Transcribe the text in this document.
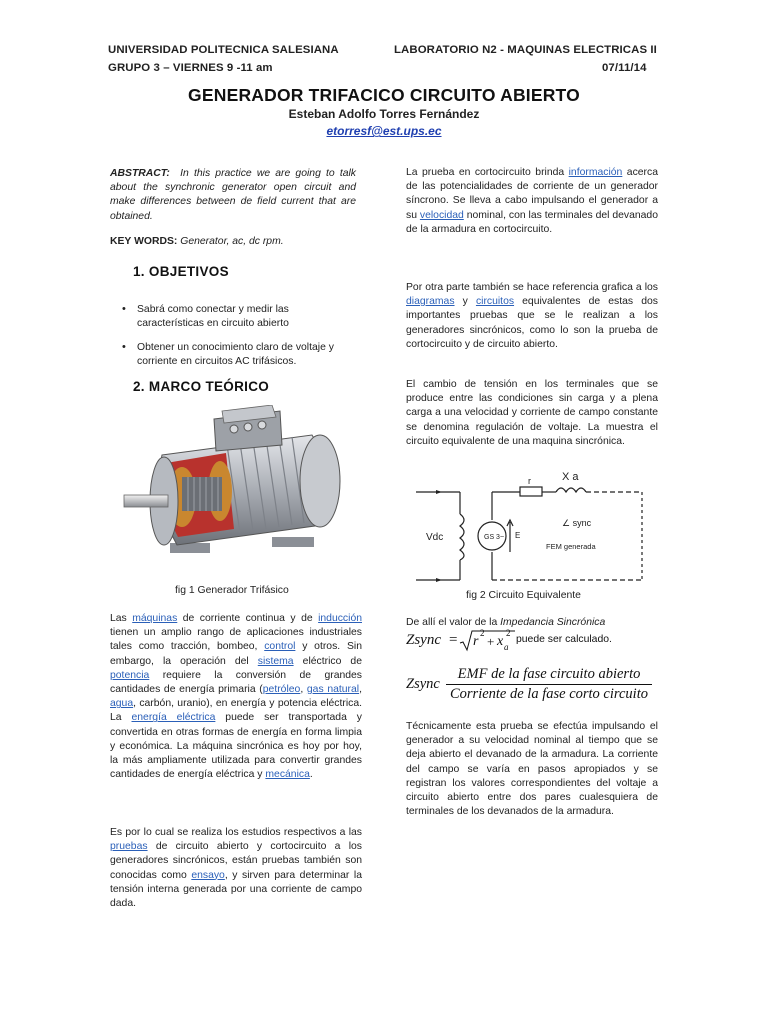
UNIVERSIDAD POLITECNICA SALESIANA	LABORATORIO N2 - MAQUINAS ELECTRICAS II
GRUPO 3 – VIERNES 9 -11 am	07/11/14
GENERADOR TRIFACICO CIRCUITO ABIERTO
Esteban Adolfo Torres Fernández
etorresf@est.ups.ec
ABSTRACT: In this practice we are going to talk about the synchronic generator open circuit and make differences between de field current that are obtained.
KEY WORDS: Generator, ac, dc rpm.
1. OBJETIVOS
• Sabrá como conectar y medir las características en circuito abierto
• Obtener un conocimiento claro de voltaje y corriente en circuitos AC trifásicos.
2. MARCO TEÓRICO
fig 1 Generador Trifásico
Las máquinas de corriente continua y de inducción tienen un amplio rango de aplicaciones industriales tales como tracción, bombeo, control y otros. Sin embargo, la operación del sistema eléctrico de potencia requiere la conversión de grandes cantidades de energía primaria (petróleo, gas natural, agua, carbón, uranio), en energía y potencia eléctrica. La energía eléctrica puede ser transportada y convertida en otras formas de energía en forma limpia y económica. La máquina sincrónica es hoy por hoy, la más ampliamente utilizada para convertir grandes cantidades de energía eléctrica y mecánica.
Es por lo cual se realiza los estudios respectivos a las pruebas de circuito abierto y cortocircuito a los generadores sincrónicos, están pruebas también son conocidas como ensayo, y sirven para determinar la tensión interna generada por una corriente de campo dada.
La prueba en cortocircuito brinda información acerca de las potencialidades de corriente de un generador síncrono. Se lleva a cabo impulsando el generador a su velocidad nominal, con las terminales del devanado de la armadura en cortocircuito.
Por otra parte también se hace referencia grafica a los diagramas y circuitos equivalentes de estas dos importantes pruebas que se le realizan a los generadores sincrónicos, como lo son la prueba de cortocircuito y de circuito abierto.
El cambio de tensión en los terminales que se produce entre las condiciones sin carga y a plena carga a una velocidad y corriente de campo constante se denomina regulación de voltaje. La muestra el circuito equivalente de una maquina sincrónica.
X a
r
Vdc	GS 3~ E
∠ sync
FEM generada
fig 2 Circuito Equivalente
De allí el valor de la Impedancia Sincrónica
Zsync = r
2
+ x a
2
puede ser calculado.
Zsync
EMF de la fase circuito abierto
Corriente de la fase corto circuito
Técnicamente esta prueba se efectúa impulsando el generador a su velocidad nominal al tiempo que se deja abierto el devanado de la armadura. La corriente del campo se varía en pasos apropiados y se registran los valores correspondientes del voltaje a circuito abierto entre dos pares cualesquiera de terminales de los devanados de la armadura.
